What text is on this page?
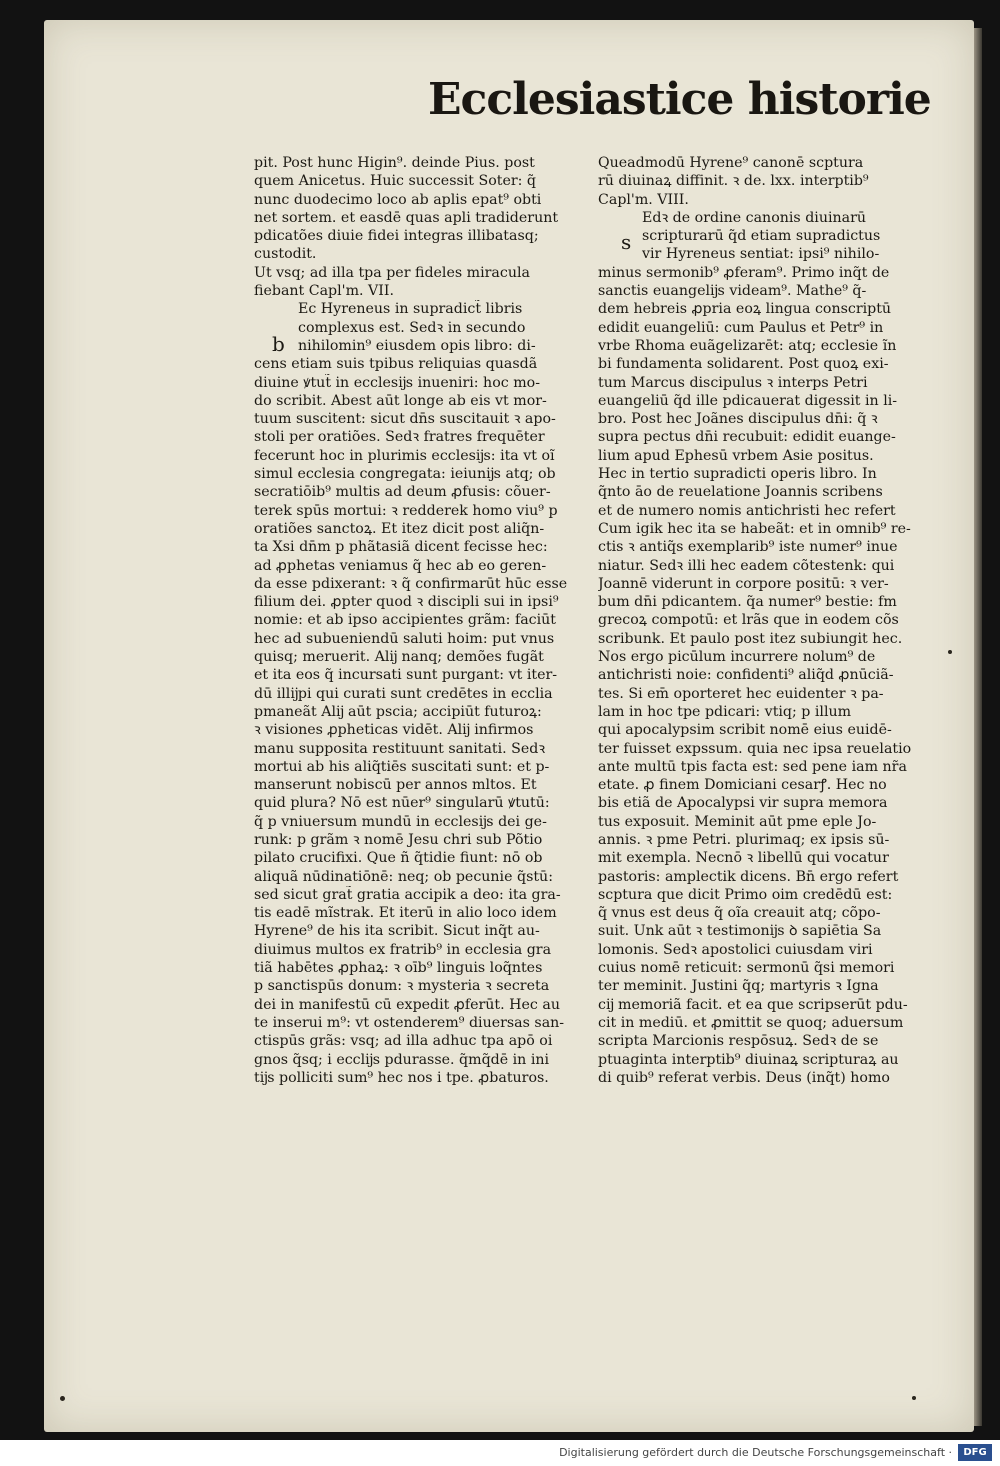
Ecclesiastice historie
b
s
pit. Post hunc Higin⁹. deinde Pius. post
quem Anicetus. Huic successit Soter: q̃
nunc duodecimo loco ab aplis epat⁹ obti
net sortem. et easdē quas apli tradiderunt
pdicatões diuie fidei integras illibatasq;
custodit.
Ut vsq; ad illa tpa per fideles miracula
fiebant Capl'm. VII.
Ec Hyreneus in supradict̃ libris
complexus est. Sedꝛ in secundo
nihilomin⁹ eiusdem opis libro: di-
cens etiam suis tpibus reliquias quasdã
diuine ꝟtut̃ in ecclesĳs inueniri: hoc mo-
do scribit. Abest aūt longe ab eis vt mor-
tuum suscitent: sicut dn̄s suscitauit ꝛ apo-
stoli per oratiões. Sedꝛ fratres frequēter
fecerunt hoc in plurimis ecclesĳs: ita vt oĩ
simul ecclesia congregata: ieiunĳs atq; ob
secratiōib⁹ multis ad deum ꝓfusis: cõuer-
terek spūs mortui: ꝛ redderek homo viu⁹ p
oratiões sanctoꝝ. Et itez dicit post aliq̃n-
ta Xsi dn̄m p phãtasiã dicent fecisse hec:
ad ꝓphetas veniamus q̃ hec ab eo geren-
da esse pdixerant: ꝛ q̃ confirmarūt hūc esse
filium dei. ꝓpter quod ꝛ discipli sui in ipsi⁹
nomie: et ab ipso accipientes grãm: faciūt
hec ad subueniendū saluti hoim: put vnus
quisq; meruerit. Alĳ nanq; demões fugãt
et ita eos q̃ incursati sunt purgant: vt iter-
dū illĳpi qui curati sunt credētes in ecclia
pmaneãt Alĳ aūt pscia; accipiūt futuroꝝ:
ꝛ visiones ꝓpheticas vidēt. Alĳ infirmos
manu supposita restituunt sanitati. Sedꝛ
mortui ab his aliq̃tiēs suscitati sunt: et p-
manserunt nobiscū per annos mltos. Et
quid plura? Nō est nūer⁹ singularū ꝟtutū:
q̃ p vniuersum mundū in ecclesĳs dei ge-
runk: p grãm ꝛ nomē Jesu chri sub Põtio
pilato crucifixi. Que ñ q̃tidie fiunt: nō ob
aliquã nūdinatiōnē: neq; ob pecunie q̃stū:
sed sicut grat̃ gratia accipik a deo: ita gra-
tis eadē mĩstrak. Et iterū in alio loco idem
Hyrene⁹ de his ita scribit. Sicut inq̃t au-
diuimus multos ex fratrib⁹ in ecclesia gra
tiã habētes ꝓphaꝝ: ꝛ oīb⁹ linguis loq̃ntes
p sanctispūs donum: ꝛ mysteria ꝛ secreta
dei in manifestū cū expedit ꝓferūt. Hec au
te inserui m⁹: vt ostenderem⁹ diuersas san-
ctispūs grãs: vsq; ad illa adhuc tpa apō oi
gnos q̃sq; i ecclĳs pdurasse. q̃mq̃dē in ini
tĳs polliciti sum⁹ hec nos i tpe. ꝓbaturos.
Queadmodū Hyrene⁹ canonē scptura
rū diuinaꝝ diffinit. ꝛ de. lxx. interptib⁹
Capl'm. VIII.
Edꝛ de ordine canonis diuinarū
scripturarū q̃d etiam supradictus
vir Hyreneus sentiat: ipsi⁹ nihilo-
minus sermonib⁹ ꝓferam⁹. Primo inq̃t de
sanctis euangelĳs videam⁹. Mathe⁹ q̃-
dem hebreis ꝓpria eoꝝ lingua conscriptū
edidit euangeliū: cum Paulus et Petr⁹ in
vrbe Rhoma euãgelizarēt: atq; ecclesie ĩn
bi fundamenta solidarent. Post quoꝝ exi-
tum Marcus discipulus ꝛ interps Petri
euangeliū q̃d ille pdicauerat digessit in li-
bro. Post hec Joãnes discipulus dn̄i: q̃ ꝛ
supra pectus dn̄i recubuit: edidit euange-
lium apud Ephesū vrbem Asie positus.
Hec in tertio supradicti operis libro. In
q̃nto āo de reuelatione Joannis scribens
et de numero nomis antichristi hec refert
Cum igik hec ita se habeãt: et in omnib⁹ re-
ctis ꝛ antiq̃s exemplarib⁹ iste numer⁹ inue
niatur. Sedꝛ illi hec eadem cõtestenk: qui
Joannē viderunt in corpore positū: ꝛ ver-
bum dn̄i pdicantem. q̃a numer⁹ bestie: fm
grecoꝝ compotū: et lrãs que in eodem cõs
scribunk. Et paulo post itez subiungit hec.
Nos ergo picūlum incurrere nolum⁹ de
antichristi noie: confidenti⁹ aliq̃d ꝓnūciã-
tes. Si em̄ oporteret hec euidenter ꝛ pa-
lam in hoc tpe pdicari: vtiq; p illum
qui apocalypsim scribit nomē eius euidē-
ter fuisset expssum. quia nec ipsa reuelatio
ante multū tpis facta est: sed pene iam nr̃a
etate. ꝓ finem Domiciani cesarꝭ. Hec no
bis etiã de Apocalypsi vir supra memora
tus exposuit. Meminit aūt pme eple Jo-
annis. ꝛ pme Petri. plurimaq; ex ipsis sū-
mit exempla. Necnō ꝛ libellū qui vocatur
pastoris: amplectik dicens. Bn̄ ergo refert
scptura que dicit Primo oim credēdū est:
q̃ vnus est deus q̃ oĩa creauit atq; cõpo-
suit. Unk aūt ꝛ testimonĳs ꝺ sapiētia Sa
lomonis. Sedꝛ apostolici cuiusdam viri
cuius nomē reticuit: sermonū q̃si memori
ter meminit. Justini q̃q; martyris ꝛ Igna
cĳ memoriã facit. et ea que scripserūt pdu-
cit in mediū. et ꝓmittit se quoq; aduersum
scripta Marcionis respōsuꝝ. Sedꝛ de se
ptuaginta interptib⁹ diuinaꝝ scripturaꝝ au
di quib⁹ referat verbis. Deus (inq̃t) homo
Digitalisierung gefördert durch die Deutsche Forschungsgemeinschaft ·	DFG
